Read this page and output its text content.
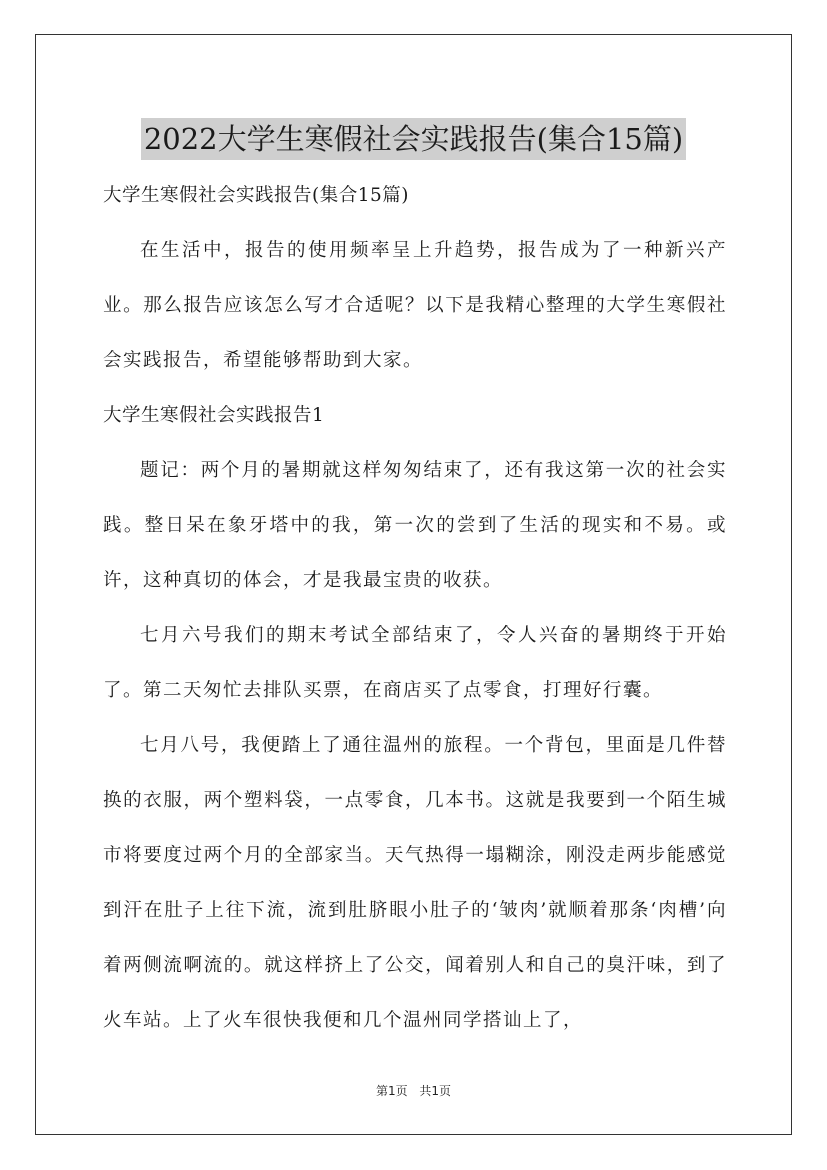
2022大学生寒假社会实践报告(集合15篇)

大学生寒假社会实践报告(集合15篇)

在生活中，报告的使用频率呈上升趋势，报告成为了一种新兴产业。那么报告应该怎么写才合适呢？以下是我精心整理的大学生寒假社会实践报告，希望能够帮助到大家。

大学生寒假社会实践报告1

题记：两个月的暑期就这样匆匆结束了，还有我这第一次的社会实践。整日呆在象牙塔中的我，第一次的尝到了生活的现实和不易。或许，这种真切的体会，才是我最宝贵的收获。

七月六号我们的期末考试全部结束了，令人兴奋的暑期终于开始了。第二天匆忙去排队买票，在商店买了点零食，打理好行囊。

七月八号，我便踏上了通往温州的旅程。一个背包，里面是几件替换的衣服，两个塑料袋，一点零食，几本书。这就是我要到一个陌生城市将要度过两个月的全部家当。天气热得一塌糊涂，刚没走两步能感觉到汗在肚子上往下流，流到肚脐眼小肚子的‘皱肉’就顺着那条‘肉槽’向着两侧流啊流的。就这样挤上了公交，闻着别人和自己的臭汗味，到了火车站。上了火车很快我便和几个温州同学搭讪上了，

第1页 共1页
